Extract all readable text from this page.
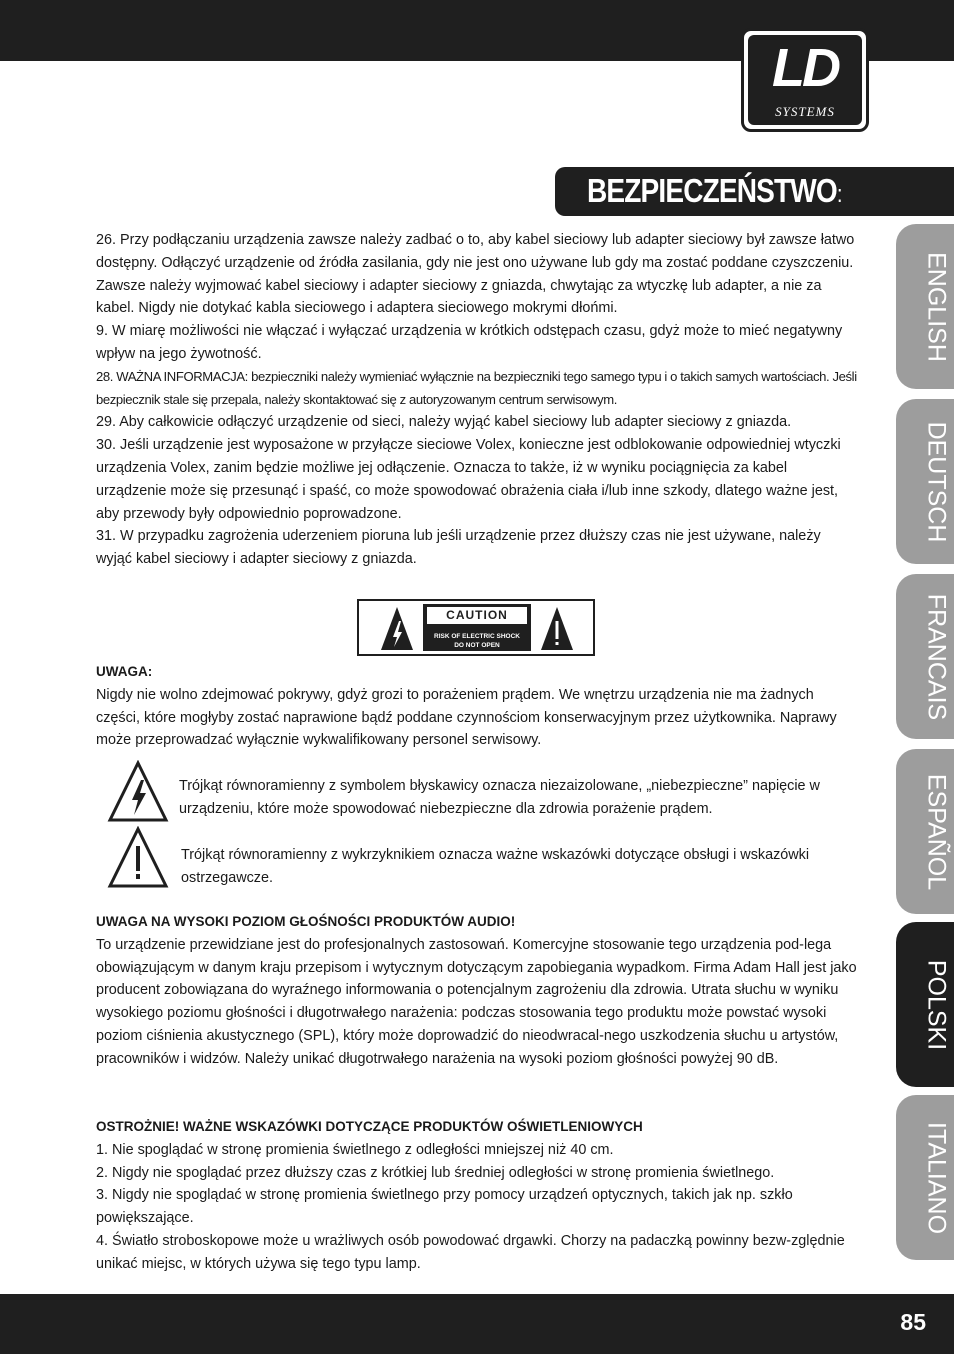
LD
SYSTEMS
BEZPIECZEŃSTWO:
ENGLISH
DEUTSCH
FRANCAIS
ESPAÑOL
POLSKI
ITALIANO

26. Przy podłączaniu urządzenia zawsze należy zadbać o to, aby kabel sieciowy lub adapter sieciowy był zawsze łatwo dostępny. Odłączyć urządzenie od źródła zasilania, gdy nie jest ono używane lub gdy ma zostać poddane czyszczeniu. Zawsze należy wyjmować kabel sieciowy i adapter sieciowy z gniazda, chwytając za wtyczkę lub adapter, a nie za kabel. Nigdy nie dotykać kabla sieciowego i adaptera sieciowego mokrymi dłońmi.

9. W miarę możliwości nie włączać i wyłączać urządzenia w krótkich odstępach czasu, gdyż może to mieć negatywny wpływ na jego żywotność.

28. WAŻNA INFORMACJA: bezpieczniki należy wymieniać wyłącznie na bezpieczniki tego samego typu i o takich samych wartościach. Jeśli bezpiecznik stale się przepala, należy skontaktować się z autoryzowanym centrum serwisowym.

29. Aby całkowicie odłączyć urządzenie od sieci, należy wyjąć kabel sieciowy lub adapter sieciowy z gniazda.

30. Jeśli urządzenie jest wyposażone w przyłącze sieciowe Volex, konieczne jest odblokowanie odpowiedniej wtyczki urządzenia Volex, zanim będzie możliwe jej odłączenie. Oznacza to także, iż w wyniku pociągnięcia za kabel urządzenie może się przesunąć i spaść, co może spowodować obrażenia ciała i/lub inne szkody, dlatego ważne jest, aby przewody były odpowiednio poprowadzone.

31. W przypadku zagrożenia uderzeniem pioruna lub jeśli urządzenie przez dłuższy czas nie jest używane, należy wyjąć kabel sieciowy i adapter sieciowy z gniazda.

CAUTION
RISK OF ELECTRIC SHOCK
DO NOT OPEN

UWAGA:

Nigdy nie wolno zdejmować pokrywy, gdyż grozi to porażeniem prądem. We wnętrzu urządzenia nie ma żadnych części, które mogłyby zostać naprawione bądź poddane czynnościom konserwacyjnym przez użytkownika. Naprawy może przeprowadzać wyłącznie wykwalifikowany personel serwisowy.

Trójkąt równoramienny z symbolem błyskawicy oznacza niezaizolowane, „niebezpieczne” napięcie w urządzeniu, które może spowodować niebezpieczne dla zdrowia porażenie prądem.
Trójkąt równoramienny z wykrzyknikiem oznacza ważne wskazówki dotyczące obsługi i wskazówki ostrzegawcze.

UWAGA NA WYSOKI POZIOM GŁOŚNOŚCI PRODUKTÓW AUDIO!

To urządzenie przewidziane jest do profesjonalnych zastosowań. Komercyjne stosowanie tego urządzenia pod-lega obowiązującym w danym kraju przepisom i wytycznym dotyczącym zapobiegania wypadkom. Firma Adam Hall jest jako producent zobowiązana do wyraźnego informowania o potencjalnym zagrożeniu dla zdrowia. Utrata słuchu w wyniku wysokiego poziomu głośności i długotrwałego narażenia: podczas stosowania tego produktu może powstać wysoki poziom ciśnienia akustycznego (SPL), który może doprowadzić do nieodwracal-nego uszkodzenia słuchu u artystów, pracowników i widzów. Należy unikać długotrwałego narażenia na wysoki poziom głośności powyżej 90 dB.

OSTROŻNIE! WAŻNE WSKAZÓWKI DOTYCZĄCE PRODUKTÓW OŚWIETLENIOWYCH

1. Nie spoglądać w stronę promienia świetlnego z odległości mniejszej niż 40 cm.

2. Nigdy nie spoglądać przez dłuższy czas z krótkiej lub średniej odległości w stronę promienia świetlnego.

3. Nigdy nie spoglądać w stronę promienia świetlnego przy pomocy urządzeń optycznych, takich jak np. szkło powiększające.

4. Światło stroboskopowe może u wrażliwych osób powodować drgawki. Chorzy na padaczką powinny bezw-zględnie unikać miejsc, w których używa się tego typu lamp.

85
